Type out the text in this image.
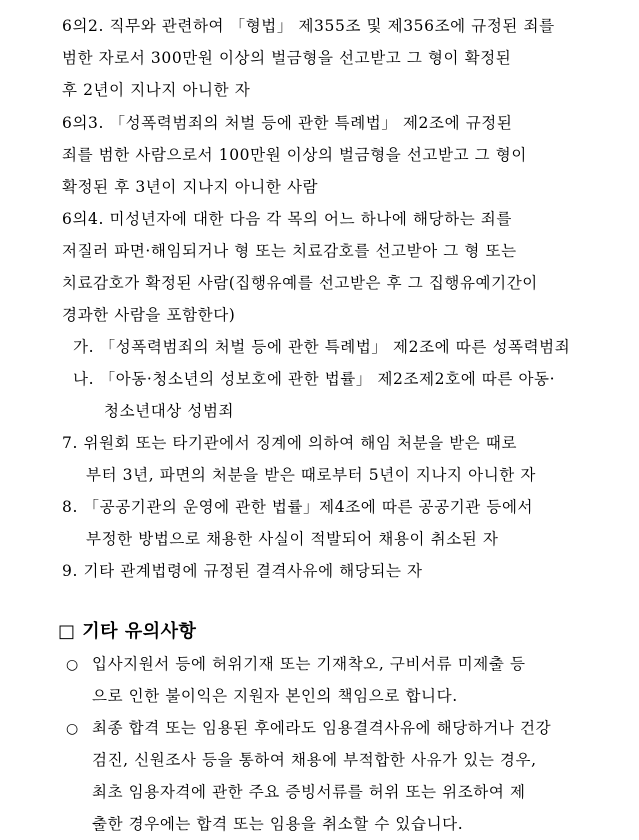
6의2. 직무와 관련하여 「형법」 제355조 및 제356조에 규정된 죄를
범한 자로서 300만원 이상의 벌금형을 선고받고 그 형이 확정된
후 2년이 지나지 아니한 자
6의3. 「성폭력범죄의 처벌 등에 관한 특례법」 제2조에 규정된
죄를 범한 사람으로서 100만원 이상의 벌금형을 선고받고 그 형이
확정된 후 3년이 지나지 아니한 사람
6의4. 미성년자에 대한 다음 각 목의 어느 하나에 해당하는 죄를
저질러 파면·해임되거나 형 또는 치료감호를 선고받아 그 형 또는
치료감호가 확정된 사람(집행유예를 선고받은 후 그 집행유예기간이
경과한 사람을 포함한다)
가. 「성폭력범죄의 처벌 등에 관한 특례법」 제2조에 따른 성폭력범죄
나. 「아동·청소년의 성보호에 관한 법률」 제2조제2호에 따른 아동·
청소년대상 성범죄
7. 위원회 또는 타기관에서 징계에 의하여 해임 처분을 받은 때로
부터 3년, 파면의 처분을 받은 때로부터 5년이 지나지 아니한 자
8. 「공공기관의 운영에 관한 법률」제4조에 따른 공공기관 등에서
부정한 방법으로 채용한 사실이 적발되어 채용이 취소된 자
9. 기타 관계법령에 규정된 결격사유에 해당되는 자
□ 기타 유의사항
○ 입사지원서 등에 허위기재 또는 기재착오, 구비서류 미제출 등
으로 인한 불이익은 지원자 본인의 책임으로 합니다.
○ 최종 합격 또는 임용된 후에라도 임용결격사유에 해당하거나 건강
검진, 신원조사 등을 통하여 채용에 부적합한 사유가 있는 경우,
최초 임용자격에 관한 주요 증빙서류를 허위 또는 위조하여 제
출한 경우에는 합격 또는 임용을 취소할 수 있습니다.
